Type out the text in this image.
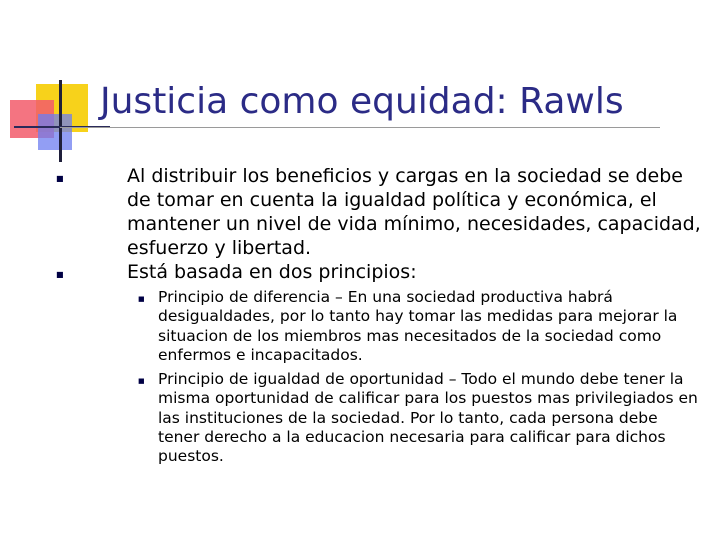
Justicia como equidad: Rawls
■	Al distribuir los beneficios y cargas en la sociedad se debe de tomar en cuenta la igualdad política y económica, el mantener un nivel de vida mínimo, necesidades, capacidad, esfuerzo y libertad.
■	Está basada en dos principios:
■ Principio de diferencia – En una sociedad productiva habrá desigualdades, por lo tanto hay tomar las medidas para mejorar la situacion de los miembros mas necesitados de la sociedad como enfermos e incapacitados.
■ Principio de igualdad de oportunidad – Todo el mundo debe tener la misma oportunidad de calificar para los puestos mas privilegiados en las instituciones de la sociedad. Por lo tanto, cada persona debe tener derecho a la educacion necesaria para calificar para dichos puestos.
